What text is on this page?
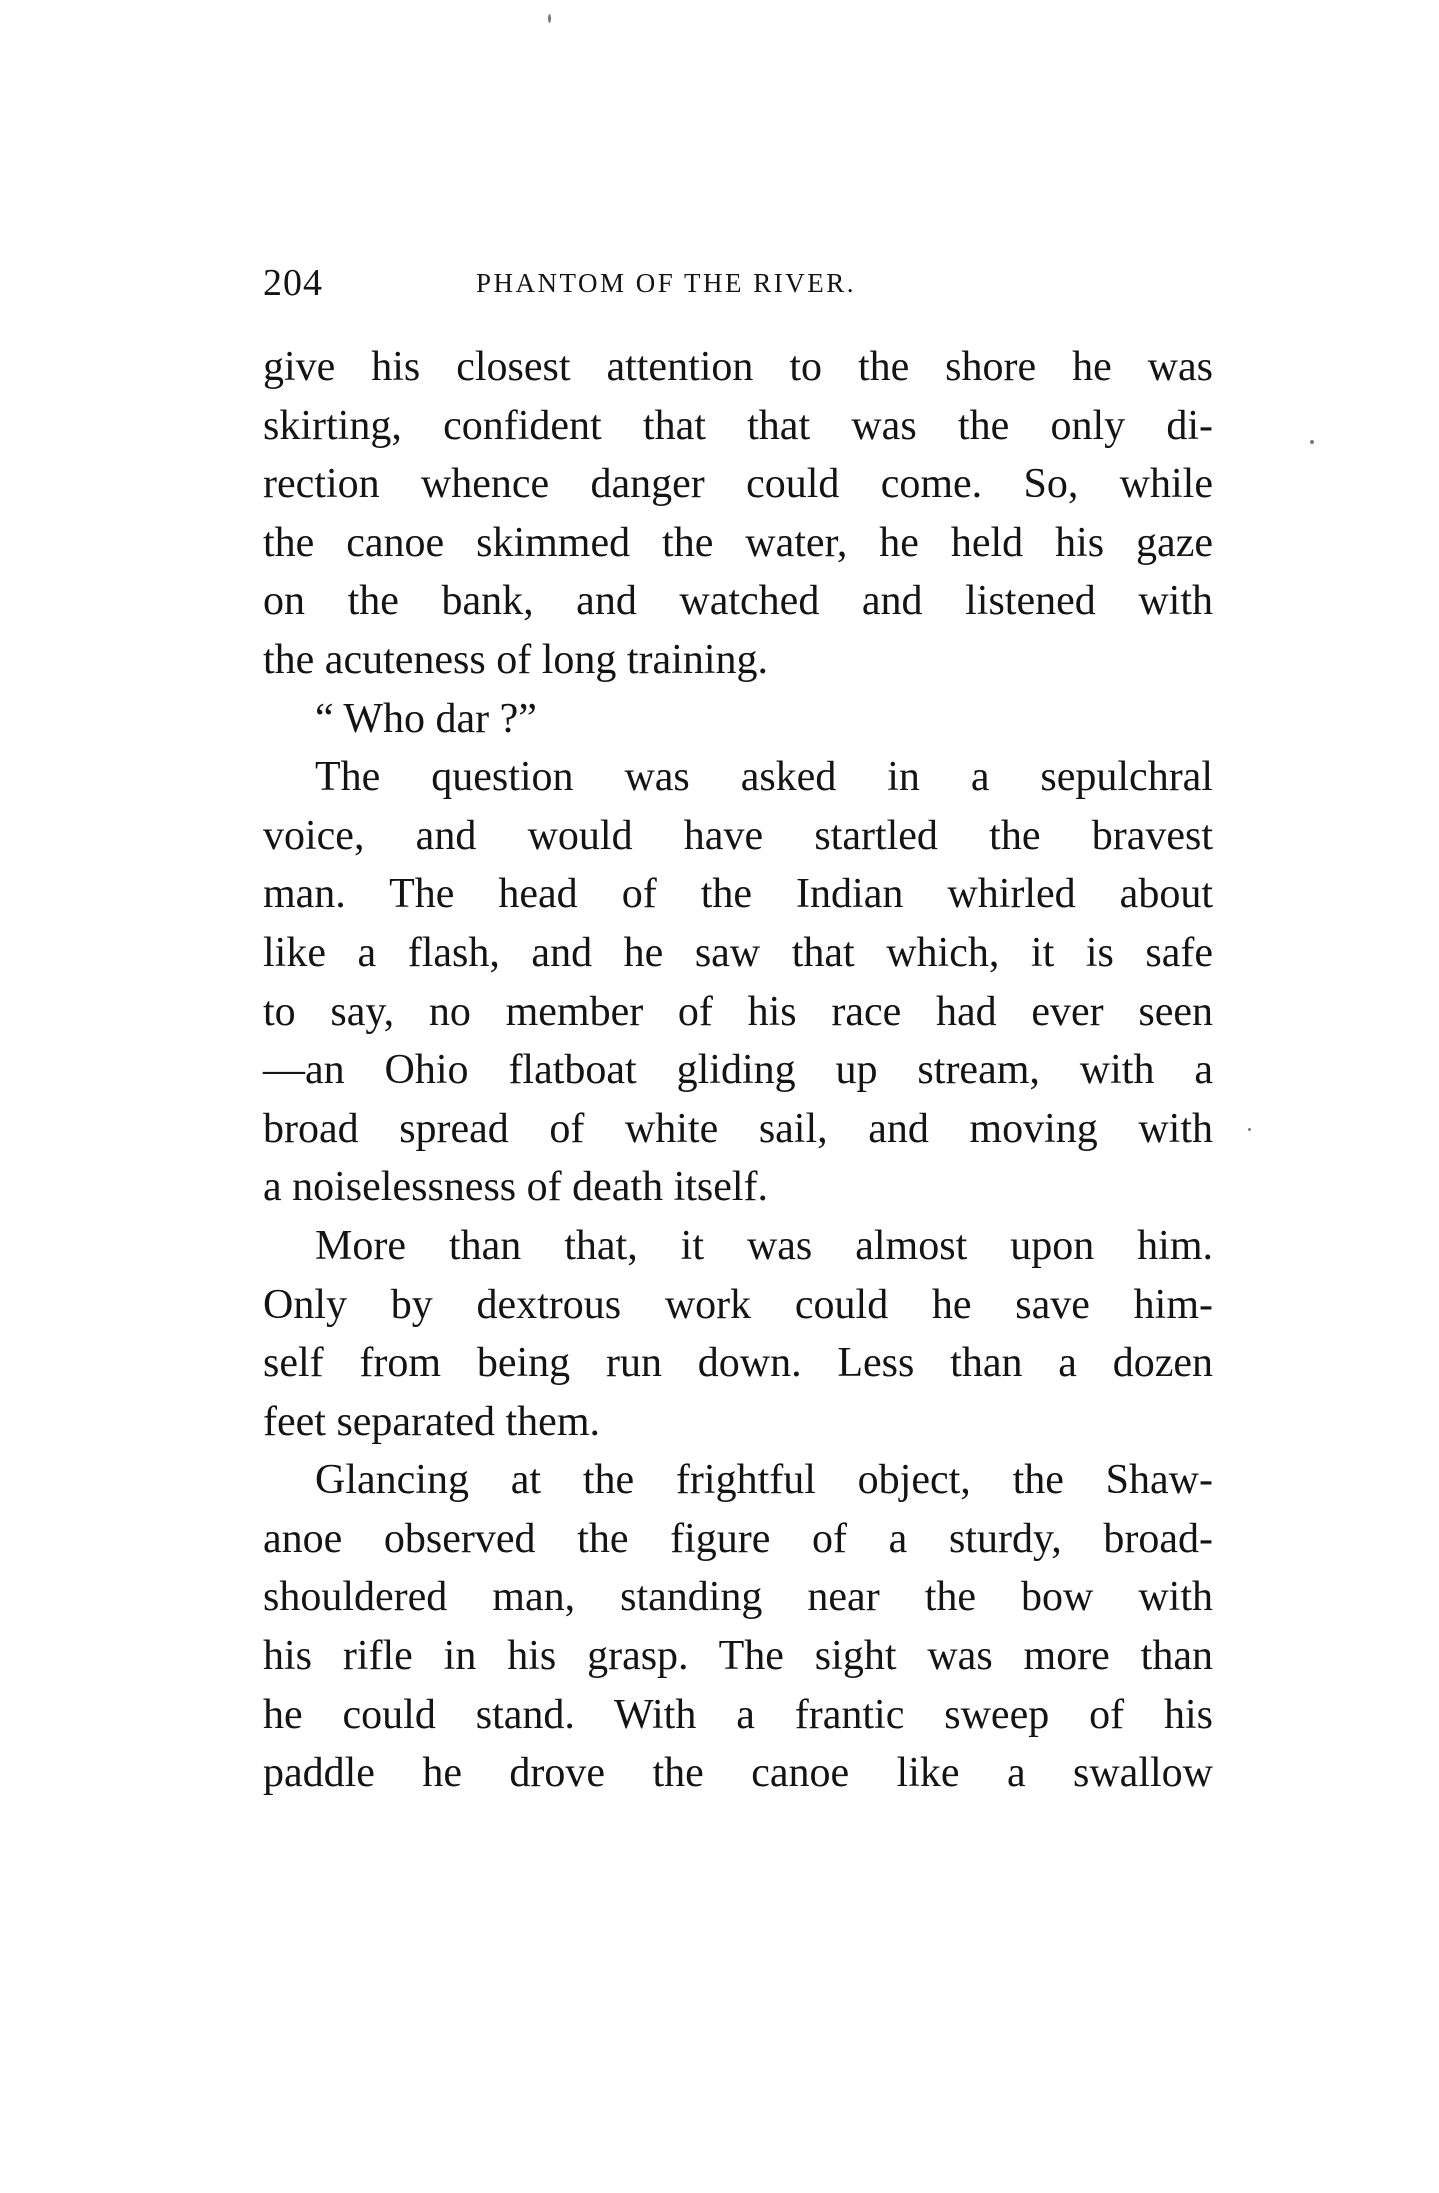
204	PHANTOM OF THE RIVER.
give his closest attention to the shore he was
skirting, confident that that was the only di-
rection whence danger could come. So, while
the canoe skimmed the water, he held his gaze
on the bank, and watched and listened with
the acuteness of long training.
“ Who dar ?”
The question was asked in a sepulchral
voice, and would have startled the bravest
man. The head of the Indian whirled about
like a flash, and he saw that which, it is safe
to say, no member of his race had ever seen
—an Ohio flatboat gliding up stream, with a
broad spread of white sail, and moving with
a noiselessness of death itself.
More than that, it was almost upon him.
Only by dextrous work could he save him-
self from being run down. Less than a dozen
feet separated them.
Glancing at the frightful object, the Shaw-
anoe observed the figure of a sturdy, broad-
shouldered man, standing near the bow with
his rifle in his grasp. The sight was more than
he could stand. With a frantic sweep of his
paddle he drove the canoe like a swallow
